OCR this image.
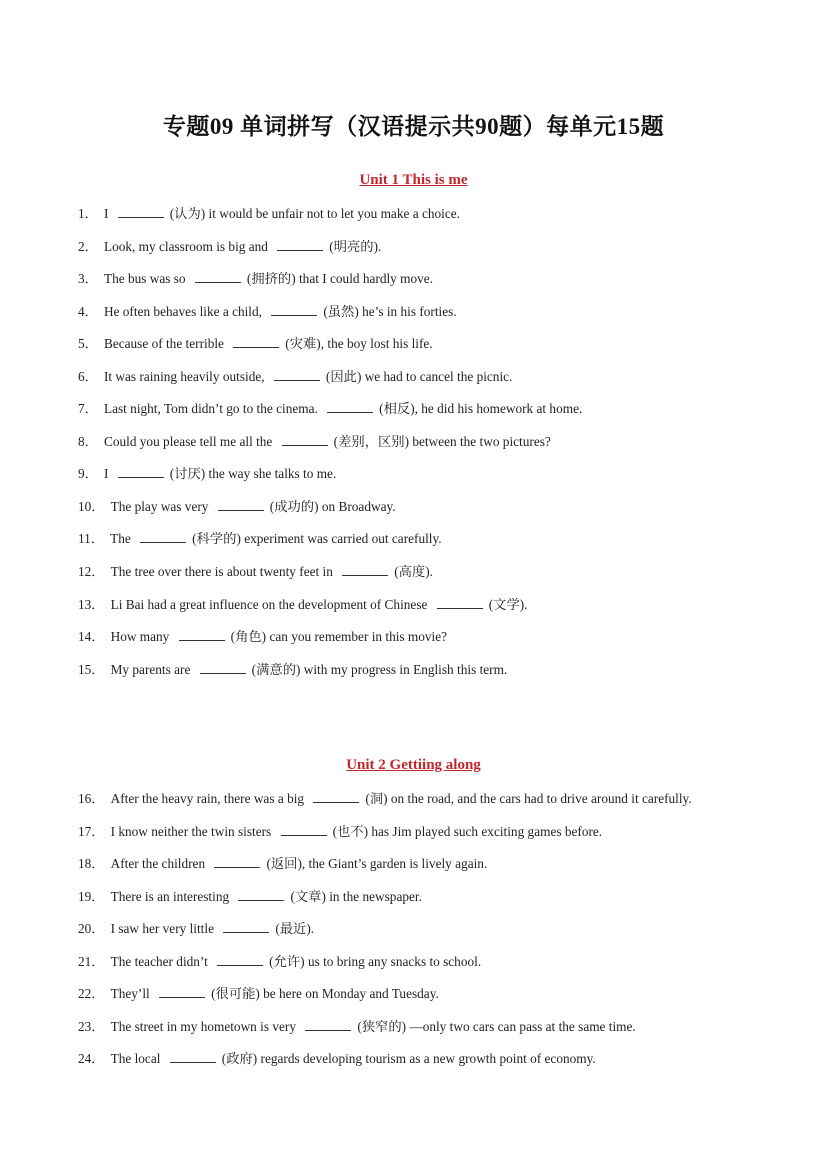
专题09 单词拼写（汉语提示共90题）每单元15题
Unit 1 This is me
1． I	(认为) it would be unfair not to let you make a choice.
2． Look, my classroom is big and	(明亮的).
3． The bus was so	(拥挤的) that I could hardly move.
4． He often behaves like a child,	(虽然) he’s in his forties.
5． Because of the terrible	(灾难), the boy lost his life.
6． It was raining heavily outside,	(因此) we had to cancel the picnic.
7． Last night, Tom didn’t go to the cinema.	(相反), he did his homework at home.
8． Could you please tell me all the	(差别，区别) between the two pictures?
9． I	(讨厌) the way she talks to me.
10． The play was very	(成功的) on Broadway.
11． The	(科学的) experiment was carried out carefully.
12． The tree over there is about twenty feet in	(高度).
13． Li Bai had a great influence on the development of Chinese	(文学).
14． How many	(角色) can you remember in this movie?
15． My parents are	(满意的) with my progress in English this term.
Unit 2 Gettiing along
16． After the heavy rain, there was a big	(洞) on the road, and the cars had to drive around it carefully.
17． I know neither the twin sisters	(也不) has Jim played such exciting games before.
18． After the children	(返回), the Giant’s garden is lively again.
19． There is an interesting	(文章) in the newspaper.
20． I saw her very little	(最近).
21． The teacher didn’t	(允许) us to bring any snacks to school.
22． They’ll	(很可能) be here on Monday and Tuesday.
23． The street in my hometown is very	(狭窄的) —only two cars can pass at the same time.
24． The local	(政府) regards developing tourism as a new growth point of economy.
